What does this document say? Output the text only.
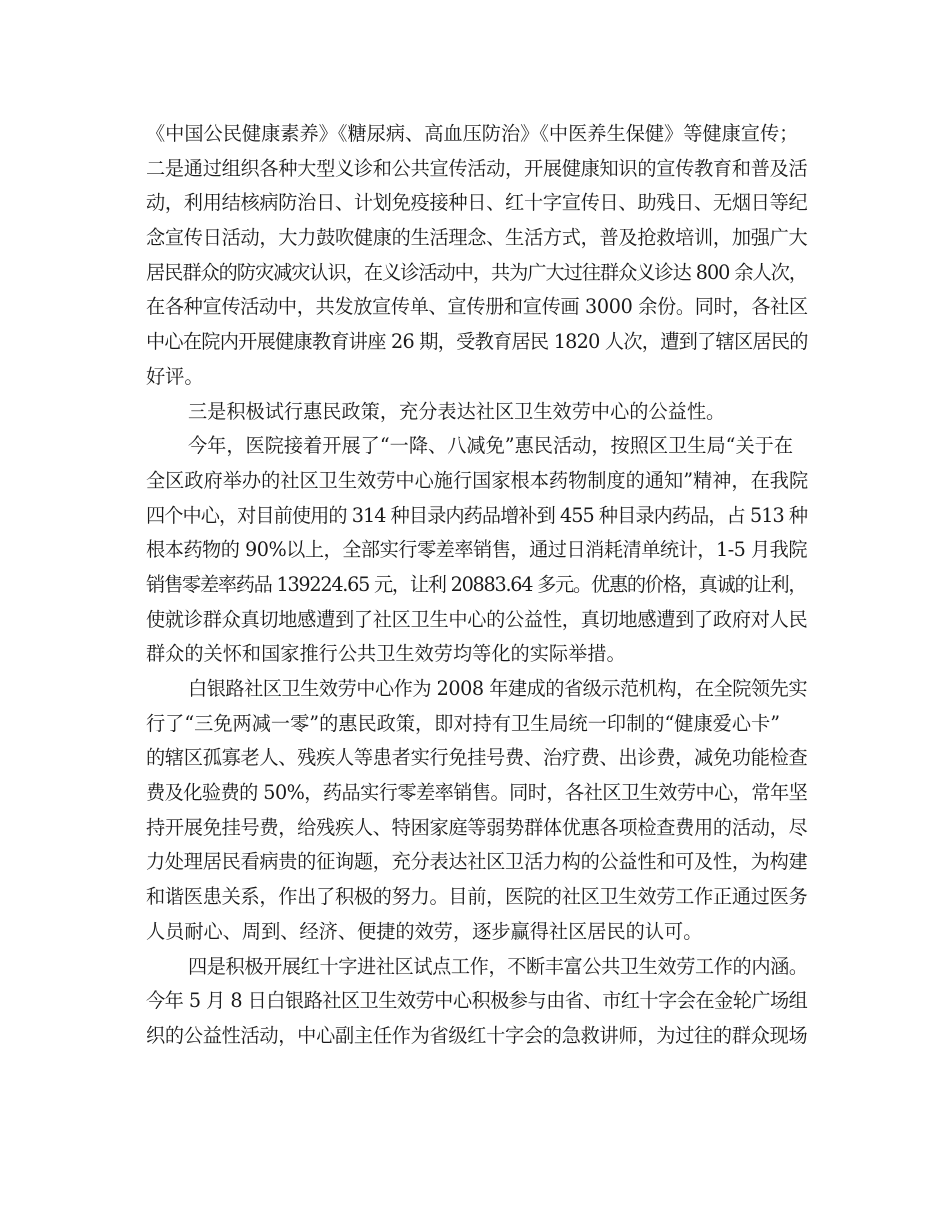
《中国公民健康素养》《糖尿病、高血压防治》《中医养生保健》等健康宣传；
二是通过组织各种大型义诊和公共宣传活动，开展健康知识的宣传教育和普及活
动，利用结核病防治日、计划免疫接种日、红十字宣传日、助残日、无烟日等纪
念宣传日活动，大力鼓吹健康的生活理念、生活方式，普及抢救培训，加强广大
居民群众的防灾减灾认识，在义诊活动中，共为广大过往群众义诊达 800 余人次，
在各种宣传活动中，共发放宣传单、宣传册和宣传画 3000 余份。同时，各社区
中心在院内开展健康教育讲座 26 期，受教育居民 1820 人次，遭到了辖区居民的
好评。
三是积极试行惠民政策，充分表达社区卫生效劳中心的公益性。
今年，医院接着开展了“一降、八减免”惠民活动，按照区卫生局“关于在
全区政府举办的社区卫生效劳中心施行国家根本药物制度的通知”精神，在我院
四个中心，对目前使用的 314 种目录内药品增补到 455 种目录内药品，占 513 种
根本药物的 90%以上，全部实行零差率销售，通过日消耗清单统计，1-5 月我院
销售零差率药品 139224.65 元，让利 20883.64 多元。优惠的价格，真诚的让利，
使就诊群众真切地感遭到了社区卫生中心的公益性，真切地感遭到了政府对人民
群众的关怀和国家推行公共卫生效劳均等化的实际举措。
白银路社区卫生效劳中心作为 2008 年建成的省级示范机构，在全院领先实
行了“三免两减一零”的惠民政策，即对持有卫生局统一印制的“健康爱心卡”
的辖区孤寡老人、残疾人等患者实行免挂号费、治疗费、出诊费，减免功能检查
费及化验费的 50%，药品实行零差率销售。同时，各社区卫生效劳中心，常年坚
持开展免挂号费，给残疾人、特困家庭等弱势群体优惠各项检查费用的活动，尽
力处理居民看病贵的征询题，充分表达社区卫活力构的公益性和可及性，为构建
和谐医患关系，作出了积极的努力。目前，医院的社区卫生效劳工作正通过医务
人员耐心、周到、经济、便捷的效劳，逐步赢得社区居民的认可。
四是积极开展红十字进社区试点工作，不断丰富公共卫生效劳工作的内涵。
今年 5 月 8 日白银路社区卫生效劳中心积极参与由省、市红十字会在金轮广场组
织的公益性活动，中心副主任作为省级红十字会的急救讲师，为过往的群众现场
